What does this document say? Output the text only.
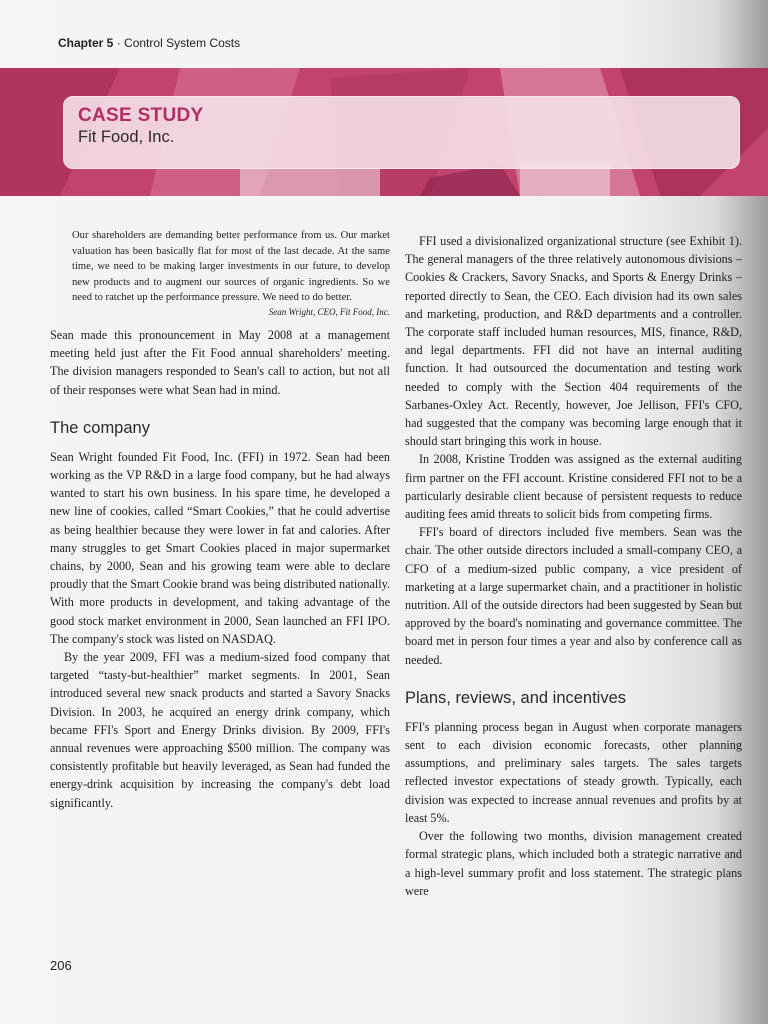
Chapter 5 · Control System Costs
CASE STUDY
Fit Food, Inc.

Our shareholders are demanding better performance from us. Our market valuation has been basically flat for most of the last decade. At the same time, we need to be making larger investments in our future, to develop new products and to augment our sources of organic ingredients. So we need to ratchet up the performance pressure. We need to do better.

Sean Wright, CEO, Fit Food, Inc.

Sean made this pronouncement in May 2008 at a management meeting held just after the Fit Food annual shareholders' meeting. The division managers responded to Sean's call to action, but not all of their responses were what Sean had in mind.

The company

Sean Wright founded Fit Food, Inc. (FFI) in 1972. Sean had been working as the VP R&D in a large food company, but he had always wanted to start his own business. In his spare time, he developed a new line of cookies, called “Smart Cookies,” that he could advertise as being healthier because they were lower in fat and calories. After many struggles to get Smart Cookies placed in major supermarket chains, by 2000, Sean and his growing team were able to declare proudly that the Smart Cookie brand was being distributed nationally. With more products in development, and taking advantage of the good stock market environment in 2000, Sean launched an FFI IPO. The company's stock was listed on NASDAQ.

By the year 2009, FFI was a medium-sized food company that targeted “tasty-but-healthier” market segments. In 2001, Sean introduced several new snack products and started a Savory Snacks Division. In 2003, he acquired an energy drink company, which became FFI's Sport and Energy Drinks division. By 2009, FFI's annual revenues were approaching $500 million. The company was consistently profitable but heavily leveraged, as Sean had funded the energy-drink acquisition by increasing the company's debt load significantly.

FFI used a divisionalized organizational structure (see Exhibit 1). The general managers of the three relatively autonomous divisions – Cookies & Crackers, Savory Snacks, and Sports & Energy Drinks – reported directly to Sean, the CEO. Each division had its own sales and marketing, production, and R&D departments and a controller. The corporate staff included human resources, MIS, finance, R&D, and legal departments. FFI did not have an internal auditing function. It had outsourced the documentation and testing work needed to comply with the Section 404 requirements of the Sarbanes-Oxley Act. Recently, however, Joe Jellison, FFI's CFO, had suggested that the company was becoming large enough that it should start bringing this work in house.

In 2008, Kristine Trodden was assigned as the external auditing firm partner on the FFI account. Kristine considered FFI not to be a particularly desirable client because of persistent requests to reduce auditing fees amid threats to solicit bids from competing firms.

FFI's board of directors included five members. Sean was the chair. The other outside directors included a small-company CEO, a CFO of a medium-sized public company, a vice president of marketing at a large supermarket chain, and a practitioner in holistic nutrition. All of the outside directors had been suggested by Sean but approved by the board's nominating and governance committee. The board met in person four times a year and also by conference call as needed.

Plans, reviews, and incentives

FFI's planning process began in August when corporate managers sent to each division economic forecasts, other planning assumptions, and preliminary sales targets. The sales targets reflected investor expectations of steady growth. Typically, each division was expected to increase annual revenues and profits by at least 5%.

Over the following two months, division management created formal strategic plans, which included both a strategic narrative and a high-level summary profit and loss statement. The strategic plans were

206
